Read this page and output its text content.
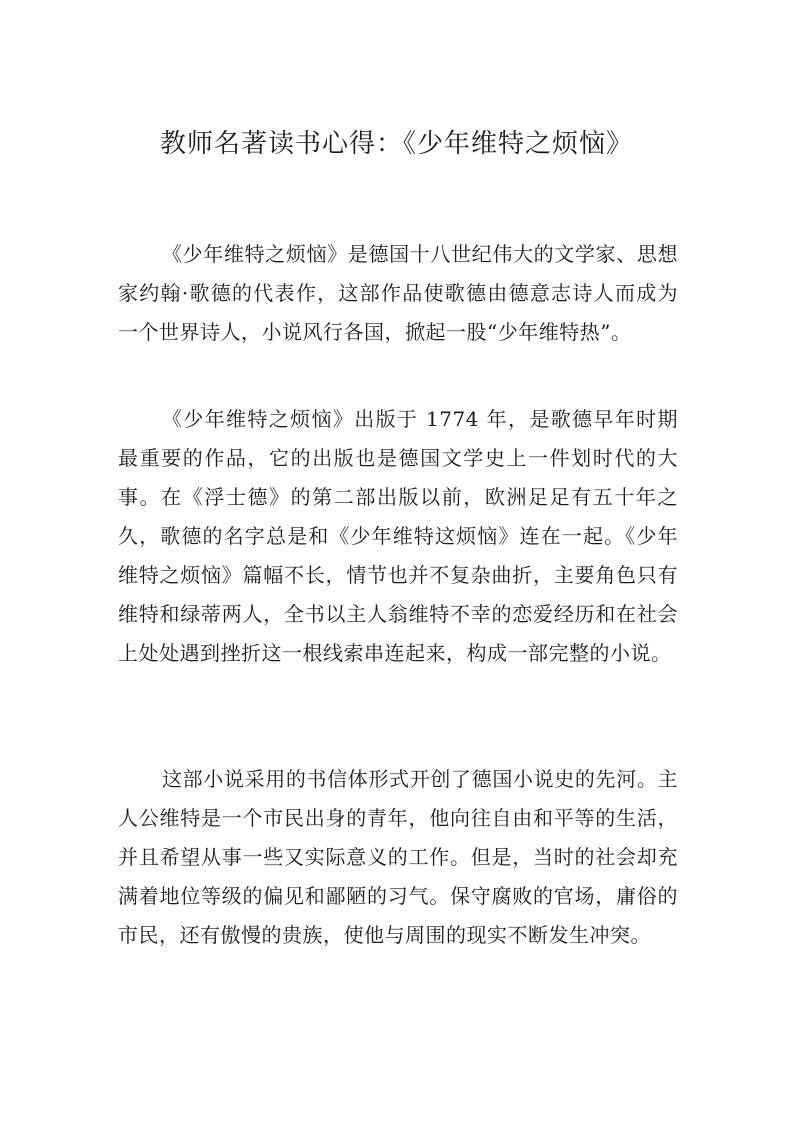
教师名著读书心得：《少年维特之烦恼》

《少年维特之烦恼》是德国十八世纪伟大的文学家、思想家约翰·歌德的代表作，这部作品使歌德由德意志诗人而成为一个世界诗人，小说风行各国，掀起一股“少年维特热”。

《少年维特之烦恼》出版于 1774 年，是歌德早年时期最重要的作品，它的出版也是德国文学史上一件划时代的大事。在《浮士德》的第二部出版以前，欧洲足足有五十年之久，歌德的名字总是和《少年维特这烦恼》连在一起。《少年维特之烦恼》篇幅不长，情节也并不复杂曲折，主要角色只有维特和绿蒂两人，全书以主人翁维特不幸的恋爱经历和在社会上处处遇到挫折这一根线索串连起来，构成一部完整的小说。

这部小说采用的书信体形式开创了德国小说史的先河。主人公维特是一个市民出身的青年，他向往自由和平等的生活，并且希望从事一些又实际意义的工作。但是，当时的社会却充满着地位等级的偏见和鄙陋的习气。保守腐败的官场，庸俗的市民，还有傲慢的贵族，使他与周围的现实不断发生冲突。
